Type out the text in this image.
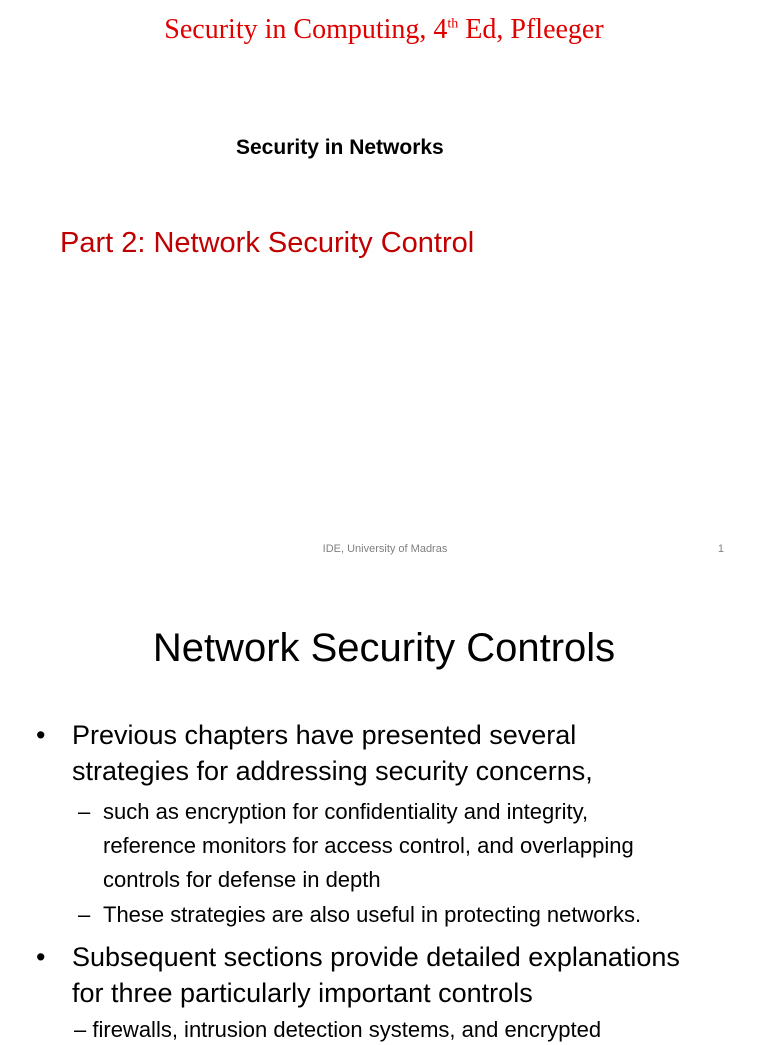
Security in Computing, 4th Ed, Pfleeger
Security in Networks
Part 2: Network Security Control
IDE, University of Madras	1
Network Security Controls
• Previous chapters have presented several
strategies for addressing security concerns,
– such as encryption for confidentiality and integrity,
reference monitors for access control, and overlapping
controls for defense in depth
– These strategies are also useful in protecting networks.
• Subsequent sections provide detailed explanations
for three particularly important controls
– firewalls, intrusion detection systems, and encrypted
